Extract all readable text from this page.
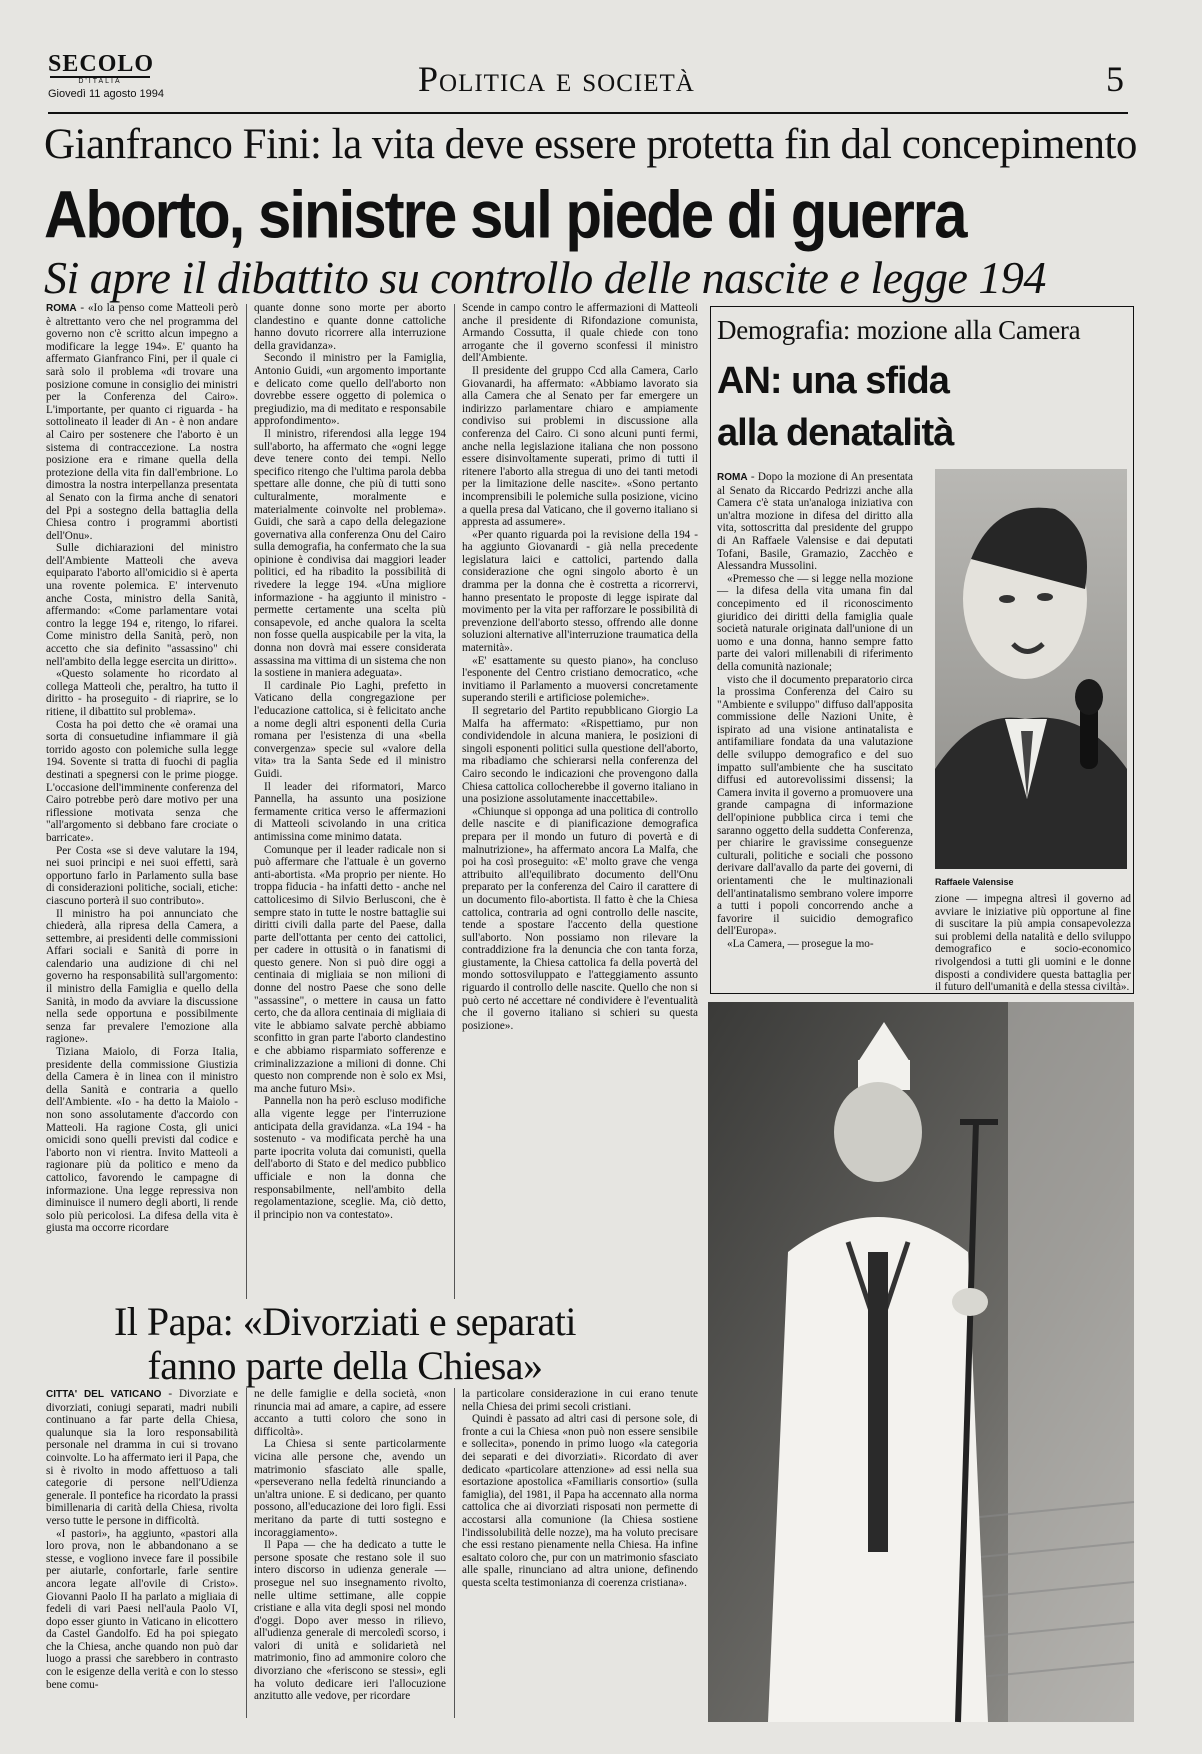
SECOLO
D'ITALIA
Giovedì 11 agosto 1994	Politica e società	5
Gianfranco Fini: la vita deve essere protetta fin dal concepimento
Aborto, sinistre sul piede di guerra
Si apre il dibattito su controllo delle nascite e legge 194

ROMA - «Io la penso come Matteoli però è altrettanto vero che nel programma del governo non c'è scritto alcun impegno a modificare la legge 194». E' quanto ha affermato Gianfranco Fini, per il quale ci sarà solo il problema «di trovare una posizione comune in consiglio dei ministri per la Conferenza del Cairo». L'importante, per quanto ci riguarda - ha sottolineato il leader di An - è non andare al Cairo per sostenere che l'aborto è un sistema di contraccezione. La nostra posizione era e rimane quella della protezione della vita fin dall'embrione. Lo dimostra la nostra interpellanza presentata al Senato con la firma anche di senatori del Ppi a sostegno della battaglia della Chiesa contro i programmi abortisti dell'Onu».

Sulle dichiarazioni del ministro dell'Ambiente Matteoli che aveva equiparato l'aborto all'omicidio si è aperta una rovente polemica. E' intervenuto anche Costa, ministro della Sanità, affermando: «Come parlamentare votai contro la legge 194 e, ritengo, lo rifarei. Come ministro della Sanità, però, non accetto che sia definito "assassino" chi nell'ambito della legge esercita un diritto».

«Questo solamente ho ricordato al collega Matteoli che, peraltro, ha tutto il diritto - ha proseguito - di riaprire, se lo ritiene, il dibattito sul problema».

Costa ha poi detto che «è oramai una sorta di consuetudine infiammare il già torrido agosto con polemiche sulla legge 194. Sovente si tratta di fuochi di paglia destinati a spegnersi con le prime piogge. L'occasione dell'imminente conferenza del Cairo potrebbe però dare motivo per una riflessione motivata senza che "all'argomento si debbano fare crociate o barricate».

Per Costa «se si deve valutare la 194, nei suoi principi e nei suoi effetti, sarà opportuno farlo in Parlamento sulla base di considerazioni politiche, sociali, etiche: ciascuno porterà il suo contributo».

Il ministro ha poi annunciato che chiederà, alla ripresa della Camera, a settembre, ai presidenti delle commissioni Affari sociali e Sanità di porre in calendario una audizione di chi nel governo ha responsabilità sull'argomento: il ministro della Famiglia e quello della Sanità, in modo da avviare la discussione nella sede opportuna e possibilmente senza far prevalere l'emozione alla ragione».

Tiziana Maiolo, di Forza Italia, presidente della commissione Giustizia della Camera è in linea con il ministro della Sanità e contraria a quello dell'Ambiente. «Io - ha detto la Maiolo - non sono assolutamente d'accordo con Matteoli. Ha ragione Costa, gli unici omicidi sono quelli previsti dal codice e l'aborto non vi rientra. Invito Matteoli a ragionare più da politico e meno da cattolico, favorendo le campagne di informazione. Una legge repressiva non diminuisce il numero degli aborti, li rende solo più pericolosi. La difesa della vita è giusta ma occorre ricordare

quante donne sono morte per aborto clandestino e quante donne cattoliche hanno dovuto ricorrere alla interruzione della gravidanza».

Secondo il ministro per la Famiglia, Antonio Guidi, «un argomento importante e delicato come quello dell'aborto non dovrebbe essere oggetto di polemica o pregiudizio, ma di meditato e responsabile approfondimento».

Il ministro, riferendosi alla legge 194 sull'aborto, ha affermato che «ogni legge deve tenere conto dei tempi. Nello specifico ritengo che l'ultima parola debba spettare alle donne, che più di tutti sono culturalmente, moralmente e materialmente coinvolte nel problema». Guidi, che sarà a capo della delegazione governativa alla conferenza Onu del Cairo sulla demografia, ha confermato che la sua opinione è condivisa dai maggiori leader politici, ed ha ribadito la possibilità di rivedere la legge 194. «Una migliore informazione - ha aggiunto il ministro - permette certamente una scelta più consapevole, ed anche qualora la scelta non fosse quella auspicabile per la vita, la donna non dovrà mai essere considerata assassina ma vittima di un sistema che non la sostiene in maniera adeguata».

Il cardinale Pio Laghi, prefetto in Vaticano della congregazione per l'educazione cattolica, si è felicitato anche a nome degli altri esponenti della Curia romana per l'esistenza di una «bella convergenza» specie sul «valore della vita» tra la Santa Sede ed il ministro Guidi.

Il leader dei riformatori, Marco Pannella, ha assunto una posizione fermamente critica verso le affermazioni di Matteoli scivolando in una critica antimissina come minimo datata.

Comunque per il leader radicale non si può affermare che l'attuale è un governo anti-abortista. «Ma proprio per niente. Ho troppa fiducia - ha infatti detto - anche nel cattolicesimo di Silvio Berlusconi, che è sempre stato in tutte le nostre battaglie sui diritti civili dalla parte del Paese, dalla parte dell'ottanta per cento dei cattolici, per cadere in ottusità o in fanatismi di questo genere. Non si può dire oggi a centinaia di migliaia se non milioni di donne del nostro Paese che sono delle "assassine", o mettere in causa un fatto certo, che da allora centinaia di migliaia di vite le abbiamo salvate perchè abbiamo sconfitto in gran parte l'aborto clandestino e che abbiamo risparmiato sofferenze e criminalizzazione a milioni di donne. Chi questo non comprende non è solo ex Msi, ma anche futuro Msi».

Pannella non ha però escluso modifiche alla vigente legge per l'interruzione anticipata della gravidanza. «La 194 - ha sostenuto - va modificata perchè ha una parte ipocrita voluta dai comunisti, quella dell'aborto di Stato e del medico pubblico ufficiale e non la donna che responsabilmente, nell'ambito della regolamentazione, sceglie. Ma, ciò detto, il principio non va contestato».

Scende in campo contro le affermazioni di Matteoli anche il presidente di Rifondazione comunista, Armando Cossutta, il quale chiede con tono arrogante che il governo sconfessi il ministro dell'Ambiente.

Il presidente del gruppo Ccd alla Camera, Carlo Giovanardi, ha affermato: «Abbiamo lavorato sia alla Camera che al Senato per far emergere un indirizzo parlamentare chiaro e ampiamente condiviso sui problemi in discussione alla conferenza del Cairo. Ci sono alcuni punti fermi, anche nella legislazione italiana che non possono essere disinvoltamente superati, primo di tutti il ritenere l'aborto alla stregua di uno dei tanti metodi per la limitazione delle nascite». «Sono pertanto incomprensibili le polemiche sulla posizione, vicino a quella presa dal Vaticano, che il governo italiano si appresta ad assumere».

«Per quanto riguarda poi la revisione della 194 - ha aggiunto Giovanardi - già nella precedente legislatura laici e cattolici, partendo dalla considerazione che ogni singolo aborto è un dramma per la donna che è costretta a ricorrervi, hanno presentato le proposte di legge ispirate dal movimento per la vita per rafforzare le possibilità di prevenzione dell'aborto stesso, offrendo alle donne soluzioni alternative all'interruzione traumatica della maternità».

«E' esattamente su questo piano», ha concluso l'esponente del Centro cristiano democratico, «che invitiamo il Parlamento a muoversi concretamente superando sterili e artificiose polemiche».

Il segretario del Partito repubblicano Giorgio La Malfa ha affermato: «Rispettiamo, pur non condividendole in alcuna maniera, le posizioni di singoli esponenti politici sulla questione dell'aborto, ma ribadiamo che schierarsi nella conferenza del Cairo secondo le indicazioni che provengono dalla Chiesa cattolica collocherebbe il governo italiano in una posizione assolutamente inaccettabile».

«Chiunque si opponga ad una politica di controllo delle nascite e di pianificazione demografica prepara per il mondo un futuro di povertà e di malnutrizione», ha affermato ancora La Malfa, che poi ha così proseguito: «E' molto grave che venga attribuito all'equilibrato documento dell'Onu preparato per la conferenza del Cairo il carattere di un documento filo-abortista. Il fatto è che la Chiesa cattolica, contraria ad ogni controllo delle nascite, tende a spostare l'accento della questione sull'aborto. Non possiamo non rilevare la contraddizione fra la denuncia che con tanta forza, giustamente, la Chiesa cattolica fa della povertà del mondo sottosviluppato e l'atteggiamento assunto riguardo il controllo delle nascite. Quello che non si può certo né accettare né condividere è l'eventualità che il governo italiano si schieri su questa posizione».

Demografia: mozione alla Camera
AN: una sfida
alla denatalità

ROMA - Dopo la mozione di An presentata al Senato da Riccardo Pedrizzi anche alla Camera c'è stata un'analoga iniziativa con un'altra mozione in difesa del diritto alla vita, sottoscritta dal presidente del gruppo di An Raffaele Valensise e dai deputati Tofani, Basile, Gramazio, Zacchèo e Alessandra Mussolini.

«Premesso che — si legge nella mozione — la difesa della vita umana fin dal concepimento ed il riconoscimento giuridico dei diritti della famiglia quale società naturale originata dall'unione di un uomo e una donna, hanno sempre fatto parte dei valori millenabili di riferimento della comunità nazionale;

visto che il documento preparatorio circa la prossima Conferenza del Cairo su "Ambiente e sviluppo" diffuso dall'apposita commissione delle Nazioni Unite, è ispirato ad una visione antinatalista e antifamiliare fondata da una valutazione delle sviluppo demografico e del suo impatto sull'ambiente che ha suscitato diffusi ed autorevolissimi dissensi; la Camera invita il governo a promuovere una grande campagna di informazione dell'opinione pubblica circa i temi che saranno oggetto della suddetta Conferenza, per chiarire le gravissime conseguenze culturali, politiche e sociali che possono derivare dall'avallo da parte dei governi, di orientamenti che le multinazionali dell'antinatalismo sembrano volere imporre a tutti i popoli concorrendo anche a favorire il suicidio demografico dell'Europa».

«La Camera, — prosegue la mo-

Raffaele Valensise

zione — impegna altresì il governo ad avviare le iniziative più opportune al fine di suscitare la più ampia consapevolezza sui problemi della natalità e dello sviluppo demografico e socio-economico rivolgendosi a tutti gli uomini e le donne disposti a condividere questa battaglia per il futuro dell'umanità e della stessa civiltà».

Il Papa: «Divorziati e separati
fanno parte della Chiesa»

CITTA' DEL VATICANO - Divorziate e divorziati, coniugi separati, madri nubili continuano a far parte della Chiesa, qualunque sia la loro responsabilità personale nel dramma in cui si trovano coinvolte. Lo ha affermato ieri il Papa, che si è rivolto in modo affettuoso a tali categorie di persone nell'Udienza generale. Il pontefice ha ricordato la prassi bimillenaria di carità della Chiesa, rivolta verso tutte le persone in difficoltà.

«I pastori», ha aggiunto, «pastori alla loro prova, non le abbandonano a se stesse, e vogliono invece fare il possibile per aiutarle, confortarle, farle sentire ancora legate all'ovile di Cristo». Giovanni Paolo II ha parlato a migliaia di fedeli di vari Paesi nell'aula Paolo VI, dopo esser giunto in Vaticano in elicottero da Castel Gandolfo. Ed ha poi spiegato che la Chiesa, anche quando non può dar luogo a prassi che sarebbero in contrasto con le esigenze della verità e con lo stesso bene comu-

ne delle famiglie e della società, «non rinuncia mai ad amare, a capire, ad essere accanto a tutti coloro che sono in difficoltà».

La Chiesa si sente particolarmente vicina alle persone che, avendo un matrimonio sfasciato alle spalle, «perseverano nella fedeltà rinunciando a un'altra unione. E si dedicano, per quanto possono, all'educazione dei loro figli. Essi meritano da parte di tutti sostegno e incoraggiamento».

Il Papa — che ha dedicato a tutte le persone sposate che restano sole il suo intero discorso in udienza generale — prosegue nel suo insegnamento rivolto, nelle ultime settimane, alle coppie cristiane e alla vita degli sposi nel mondo d'oggi. Dopo aver messo in rilievo, all'udienza generale di mercoledì scorso, i valori di unità e solidarietà nel matrimonio, fino ad ammonire coloro che divorziano che «feriscono se stessi», egli ha voluto dedicare ieri l'allocuzione anzitutto alle vedove, per ricordare

la particolare considerazione in cui erano tenute nella Chiesa dei primi secoli cristiani.

Quindi è passato ad altri casi di persone sole, di fronte a cui la Chiesa «non può non essere sensibile e sollecita», ponendo in primo luogo «la categoria dei separati e dei divorziati». Ricordato di aver dedicato «particolare attenzione» ad essi nella sua esortazione apostolica «Familiaris consortio» (sulla famiglia), del 1981, il Papa ha accennato alla norma cattolica che ai divorziati risposati non permette di accostarsi alla comunione (la Chiesa sostiene l'indissolubilità delle nozze), ma ha voluto precisare che essi restano pienamente nella Chiesa. Ha infine esaltato coloro che, pur con un matrimonio sfasciato alle spalle, rinunciano ad altra unione, definendo questa scelta testimonianza di coerenza cristiana».
